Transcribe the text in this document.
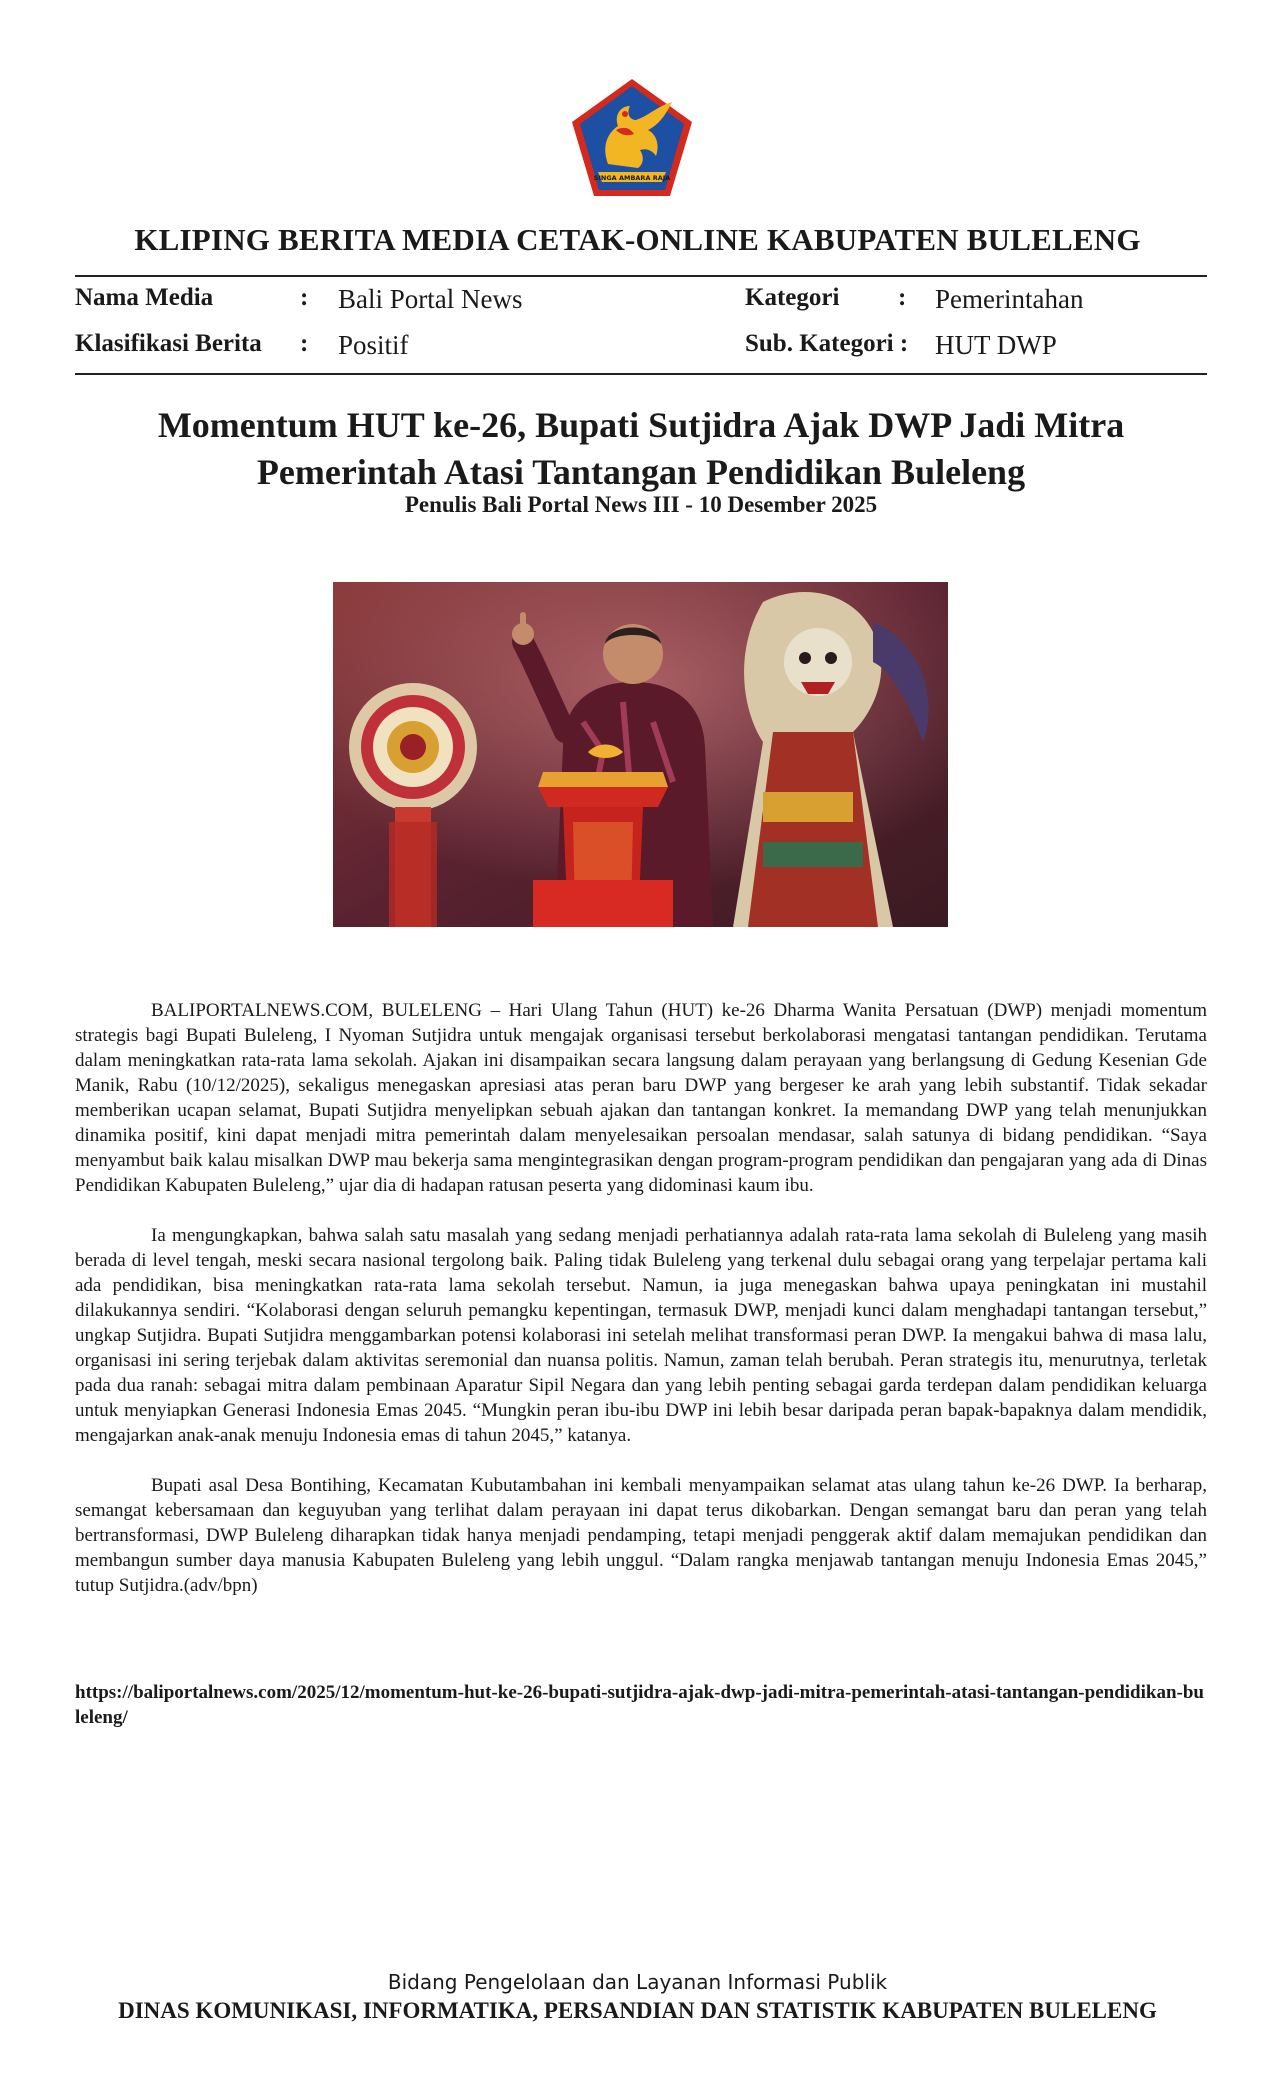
SINGA AMBARA RAJA
KLIPING BERITA MEDIA CETAK-ONLINE KABUPATEN BULELENG
Nama Media	: Bali Portal News	Kategori : Pemerintahan
Klasifikasi Berita : Positif	Sub. Kategori : HUT DWP
Momentum HUT ke-26, Bupati Sutjidra Ajak DWP Jadi Mitra
Pemerintah Atasi Tantangan Pendidikan Buleleng
Penulis Bali Portal News III - 10 Desember 2025

BALIPORTALNEWS.COM, BULELENG – Hari Ulang Tahun (HUT) ke-26 Dharma Wanita Persatuan (DWP) menjadi momentum strategis bagi Bupati Buleleng, I Nyoman Sutjidra untuk mengajak organisasi tersebut berkolaborasi mengatasi tantangan pendidikan. Terutama dalam meningkatkan rata-rata lama sekolah. Ajakan ini disampaikan secara langsung dalam perayaan yang berlangsung di Gedung Kesenian Gde Manik, Rabu (10/12/2025), sekaligus menegaskan apresiasi atas peran baru DWP yang bergeser ke arah yang lebih substantif. Tidak sekadar memberikan ucapan selamat, Bupati Sutjidra menyelipkan sebuah ajakan dan tantangan konkret. Ia memandang DWP yang telah menunjukkan dinamika positif, kini dapat menjadi mitra pemerintah dalam menyelesaikan persoalan mendasar, salah satunya di bidang pendidikan. “Saya menyambut baik kalau misalkan DWP mau bekerja sama mengintegrasikan dengan program-program pendidikan dan pengajaran yang ada di Dinas Pendidikan Kabupaten Buleleng,” ujar dia di hadapan ratusan peserta yang didominasi kaum ibu.

Ia mengungkapkan, bahwa salah satu masalah yang sedang menjadi perhatiannya adalah rata-rata lama sekolah di Buleleng yang masih berada di level tengah, meski secara nasional tergolong baik. Paling tidak Buleleng yang terkenal dulu sebagai orang yang terpelajar pertama kali ada pendidikan, bisa meningkatkan rata-rata lama sekolah tersebut. Namun, ia juga menegaskan bahwa upaya peningkatan ini mustahil dilakukannya sendiri. “Kolaborasi dengan seluruh pemangku kepentingan, termasuk DWP, menjadi kunci dalam menghadapi tantangan tersebut,” ungkap Sutjidra. Bupati Sutjidra menggambarkan potensi kolaborasi ini setelah melihat transformasi peran DWP. Ia mengakui bahwa di masa lalu, organisasi ini sering terjebak dalam aktivitas seremonial dan nuansa politis. Namun, zaman telah berubah. Peran strategis itu, menurutnya, terletak pada dua ranah: sebagai mitra dalam pembinaan Aparatur Sipil Negara dan yang lebih penting sebagai garda terdepan dalam pendidikan keluarga untuk menyiapkan Generasi Indonesia Emas 2045. “Mungkin peran ibu-ibu DWP ini lebih besar daripada peran bapak-bapaknya dalam mendidik, mengajarkan anak-anak menuju Indonesia emas di tahun 2045,” katanya.

Bupati asal Desa Bontihing, Kecamatan Kubutambahan ini kembali menyampaikan selamat atas ulang tahun ke-26 DWP. Ia berharap, semangat kebersamaan dan keguyuban yang terlihat dalam perayaan ini dapat terus dikobarkan. Dengan semangat baru dan peran yang telah bertransformasi, DWP Buleleng diharapkan tidak hanya menjadi pendamping, tetapi menjadi penggerak aktif dalam memajukan pendidikan dan membangun sumber daya manusia Kabupaten Buleleng yang lebih unggul. “Dalam rangka menjawab tantangan menuju Indonesia Emas 2045,” tutup Sutjidra.(adv/bpn)

https://baliportalnews.com/2025/12/momentum-hut-ke-26-bupati-sutjidra-ajak-dwp-jadi-mitra-pemerintah-atasi-tantangan-pendidikan-buleleng/
Bidang Pengelolaan dan Layanan Informasi Publik
DINAS KOMUNIKASI, INFORMATIKA, PERSANDIAN DAN STATISTIK KABUPATEN BULELENG
